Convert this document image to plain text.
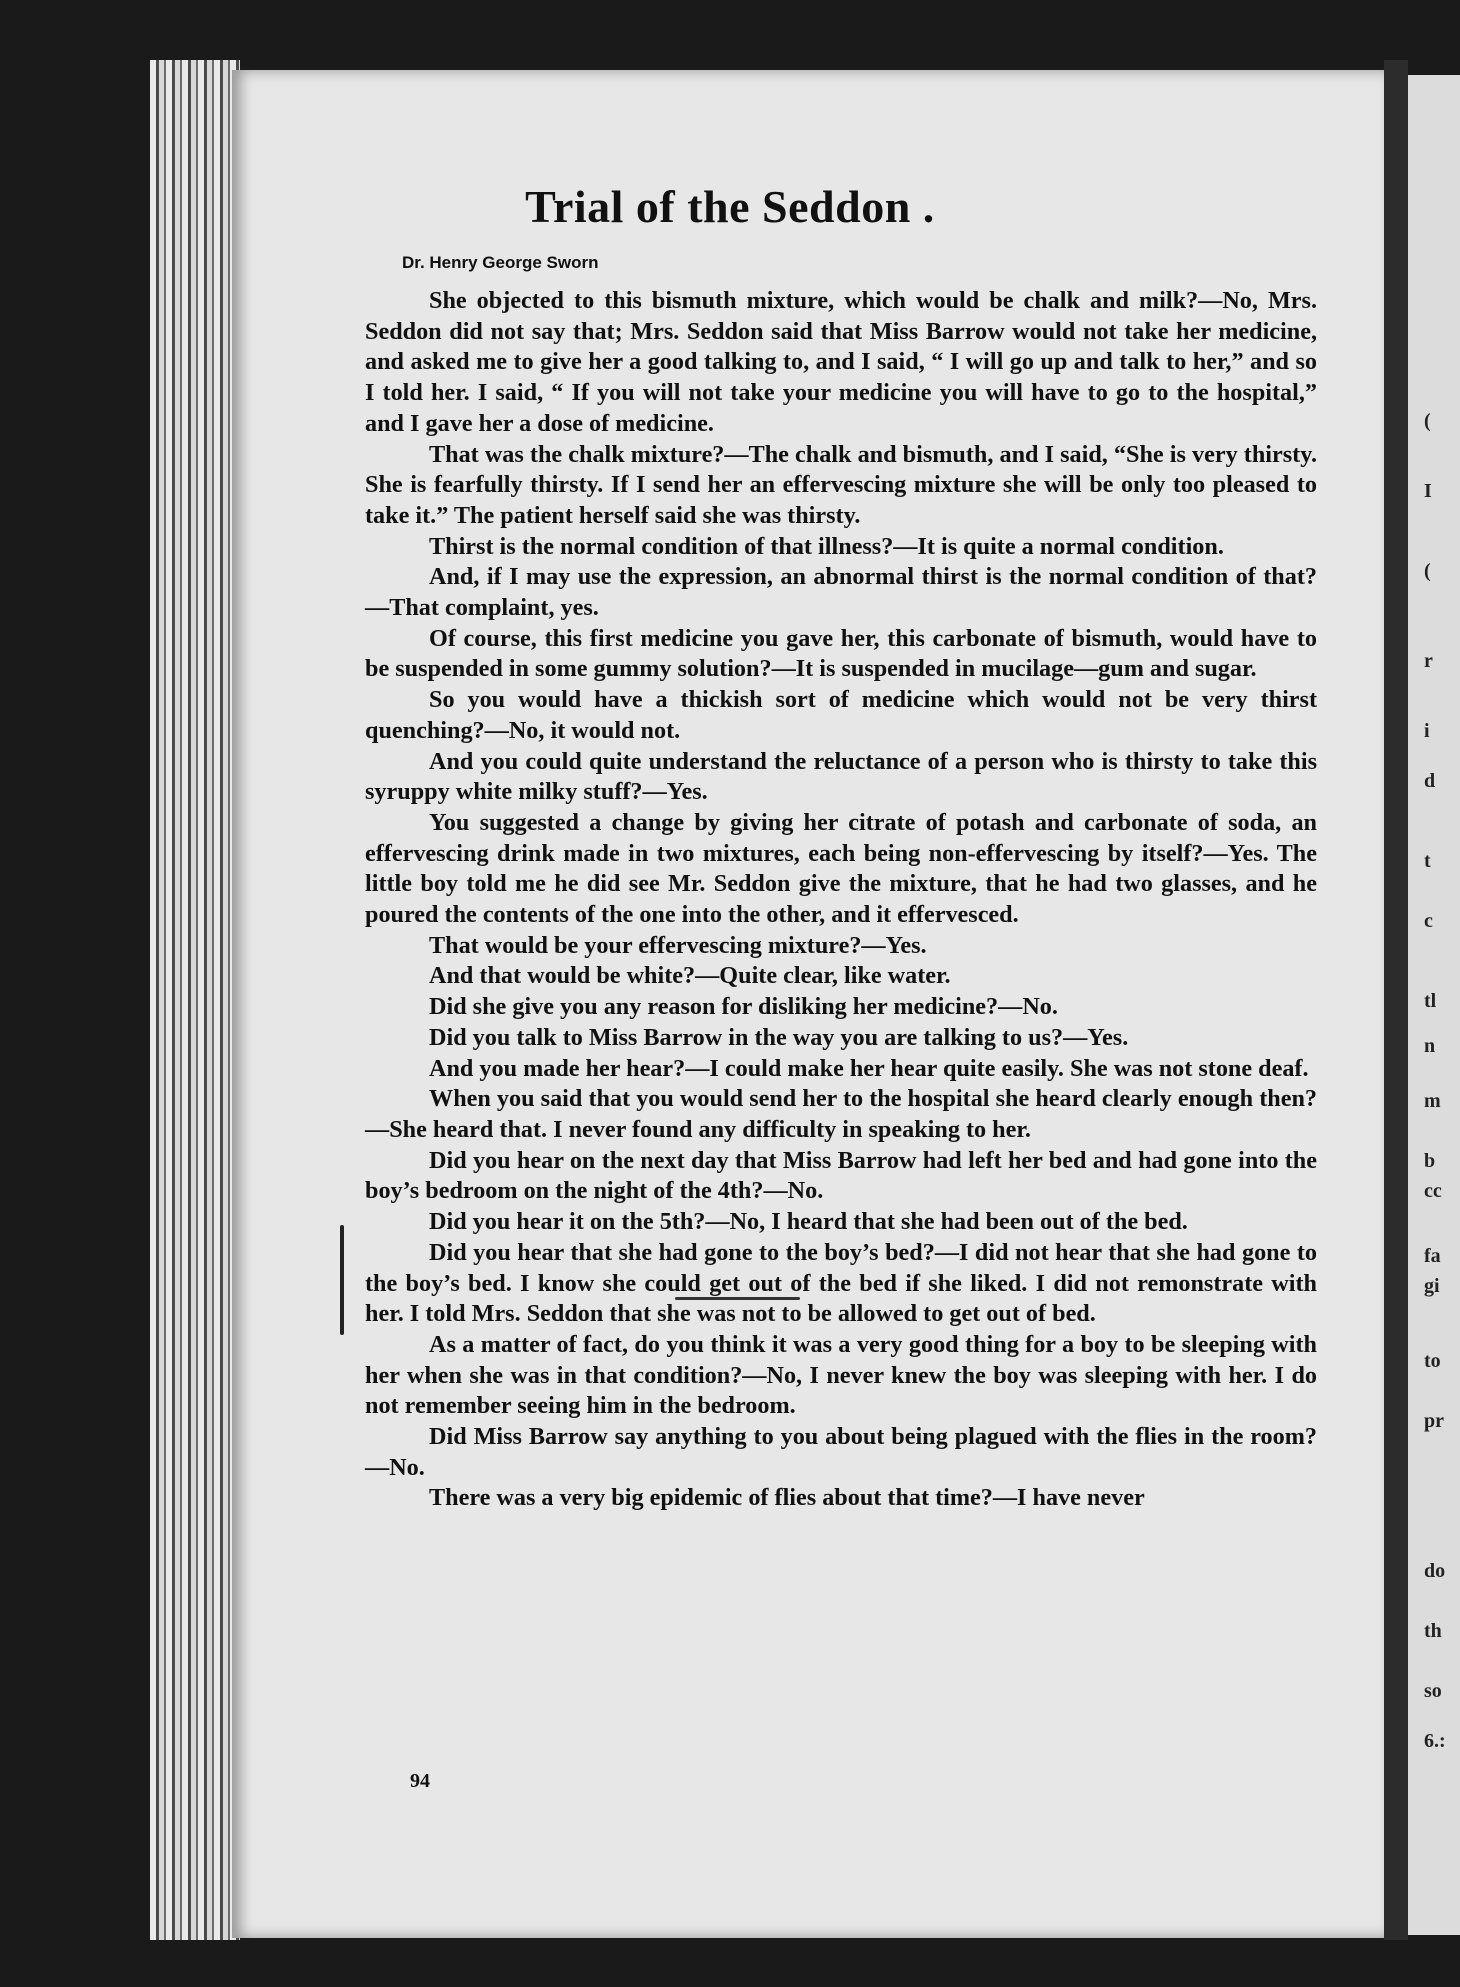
(
I
(
r
i
d
t
c
tl
n
m
b
cc
fa
gi
to
pr
do
th
so
6.:
Trial of the Seddon .
Dr. Henry George Sworn

She objected to this bismuth mixture, which would be chalk and milk?—No, Mrs. Seddon did not say that; Mrs. Seddon said that Miss Barrow would not take her medicine, and asked me to give her a good talking to, and I said, “ I will go up and talk to her,” and so I told her. I said, “ If you will not take your medicine you will have to go to the hospital,” and I gave her a dose of medicine.

That was the chalk mixture?—The chalk and bismuth, and I said, “She is very thirsty. She is fearfully thirsty. If I send her an effervescing mixture she will be only too pleased to take it.” The patient herself said she was thirsty.

Thirst is the normal condition of that illness?—It is quite a normal condition.

And, if I may use the expression, an abnormal thirst is the normal condition of that?—That complaint, yes.

Of course, this first medicine you gave her, this carbonate of bismuth, would have to be suspended in some gummy solution?—It is suspended in mucilage—gum and sugar.

So you would have a thickish sort of medicine which would not be very thirst quenching?—No, it would not.

And you could quite understand the reluctance of a person who is thirsty to take this syruppy white milky stuff?—Yes.

You suggested a change by giving her citrate of potash and carbonate of soda, an effervescing drink made in two mixtures, each being non-effervescing by itself?—Yes. The little boy told me he did see Mr. Seddon give the mixture, that he had two glasses, and he poured the contents of the one into the other, and it effervesced.

That would be your effervescing mixture?—Yes.

And that would be white?—Quite clear, like water.

Did she give you any reason for disliking her medicine?—No.

Did you talk to Miss Barrow in the way you are talking to us?—Yes.

And you made her hear?—I could make her hear quite easily. She was not stone deaf.

When you said that you would send her to the hospital she heard clearly enough then?—She heard that. I never found any difficulty in speaking to her.

Did you hear on the next day that Miss Barrow had left her bed and had gone into the boy’s bedroom on the night of the 4th?—No.

Did you hear it on the 5th?—No, I heard that she had been out of the bed.

Did you hear that she had gone to the boy’s bed?—I did not hear that she had gone to the boy’s bed. I know she could get out of the bed if she liked. I did not remonstrate with her. I told Mrs. Seddon that she was not to be allowed to get out of bed.

As a matter of fact, do you think it was a very good thing for a boy to be sleeping with her when she was in that condition?—No, I never knew the boy was sleeping with her. I do not remember seeing him in the bedroom.

Did Miss Barrow say anything to you about being plagued with the flies in the room?—No.

There was a very big epidemic of flies about that time?—I have never

94
